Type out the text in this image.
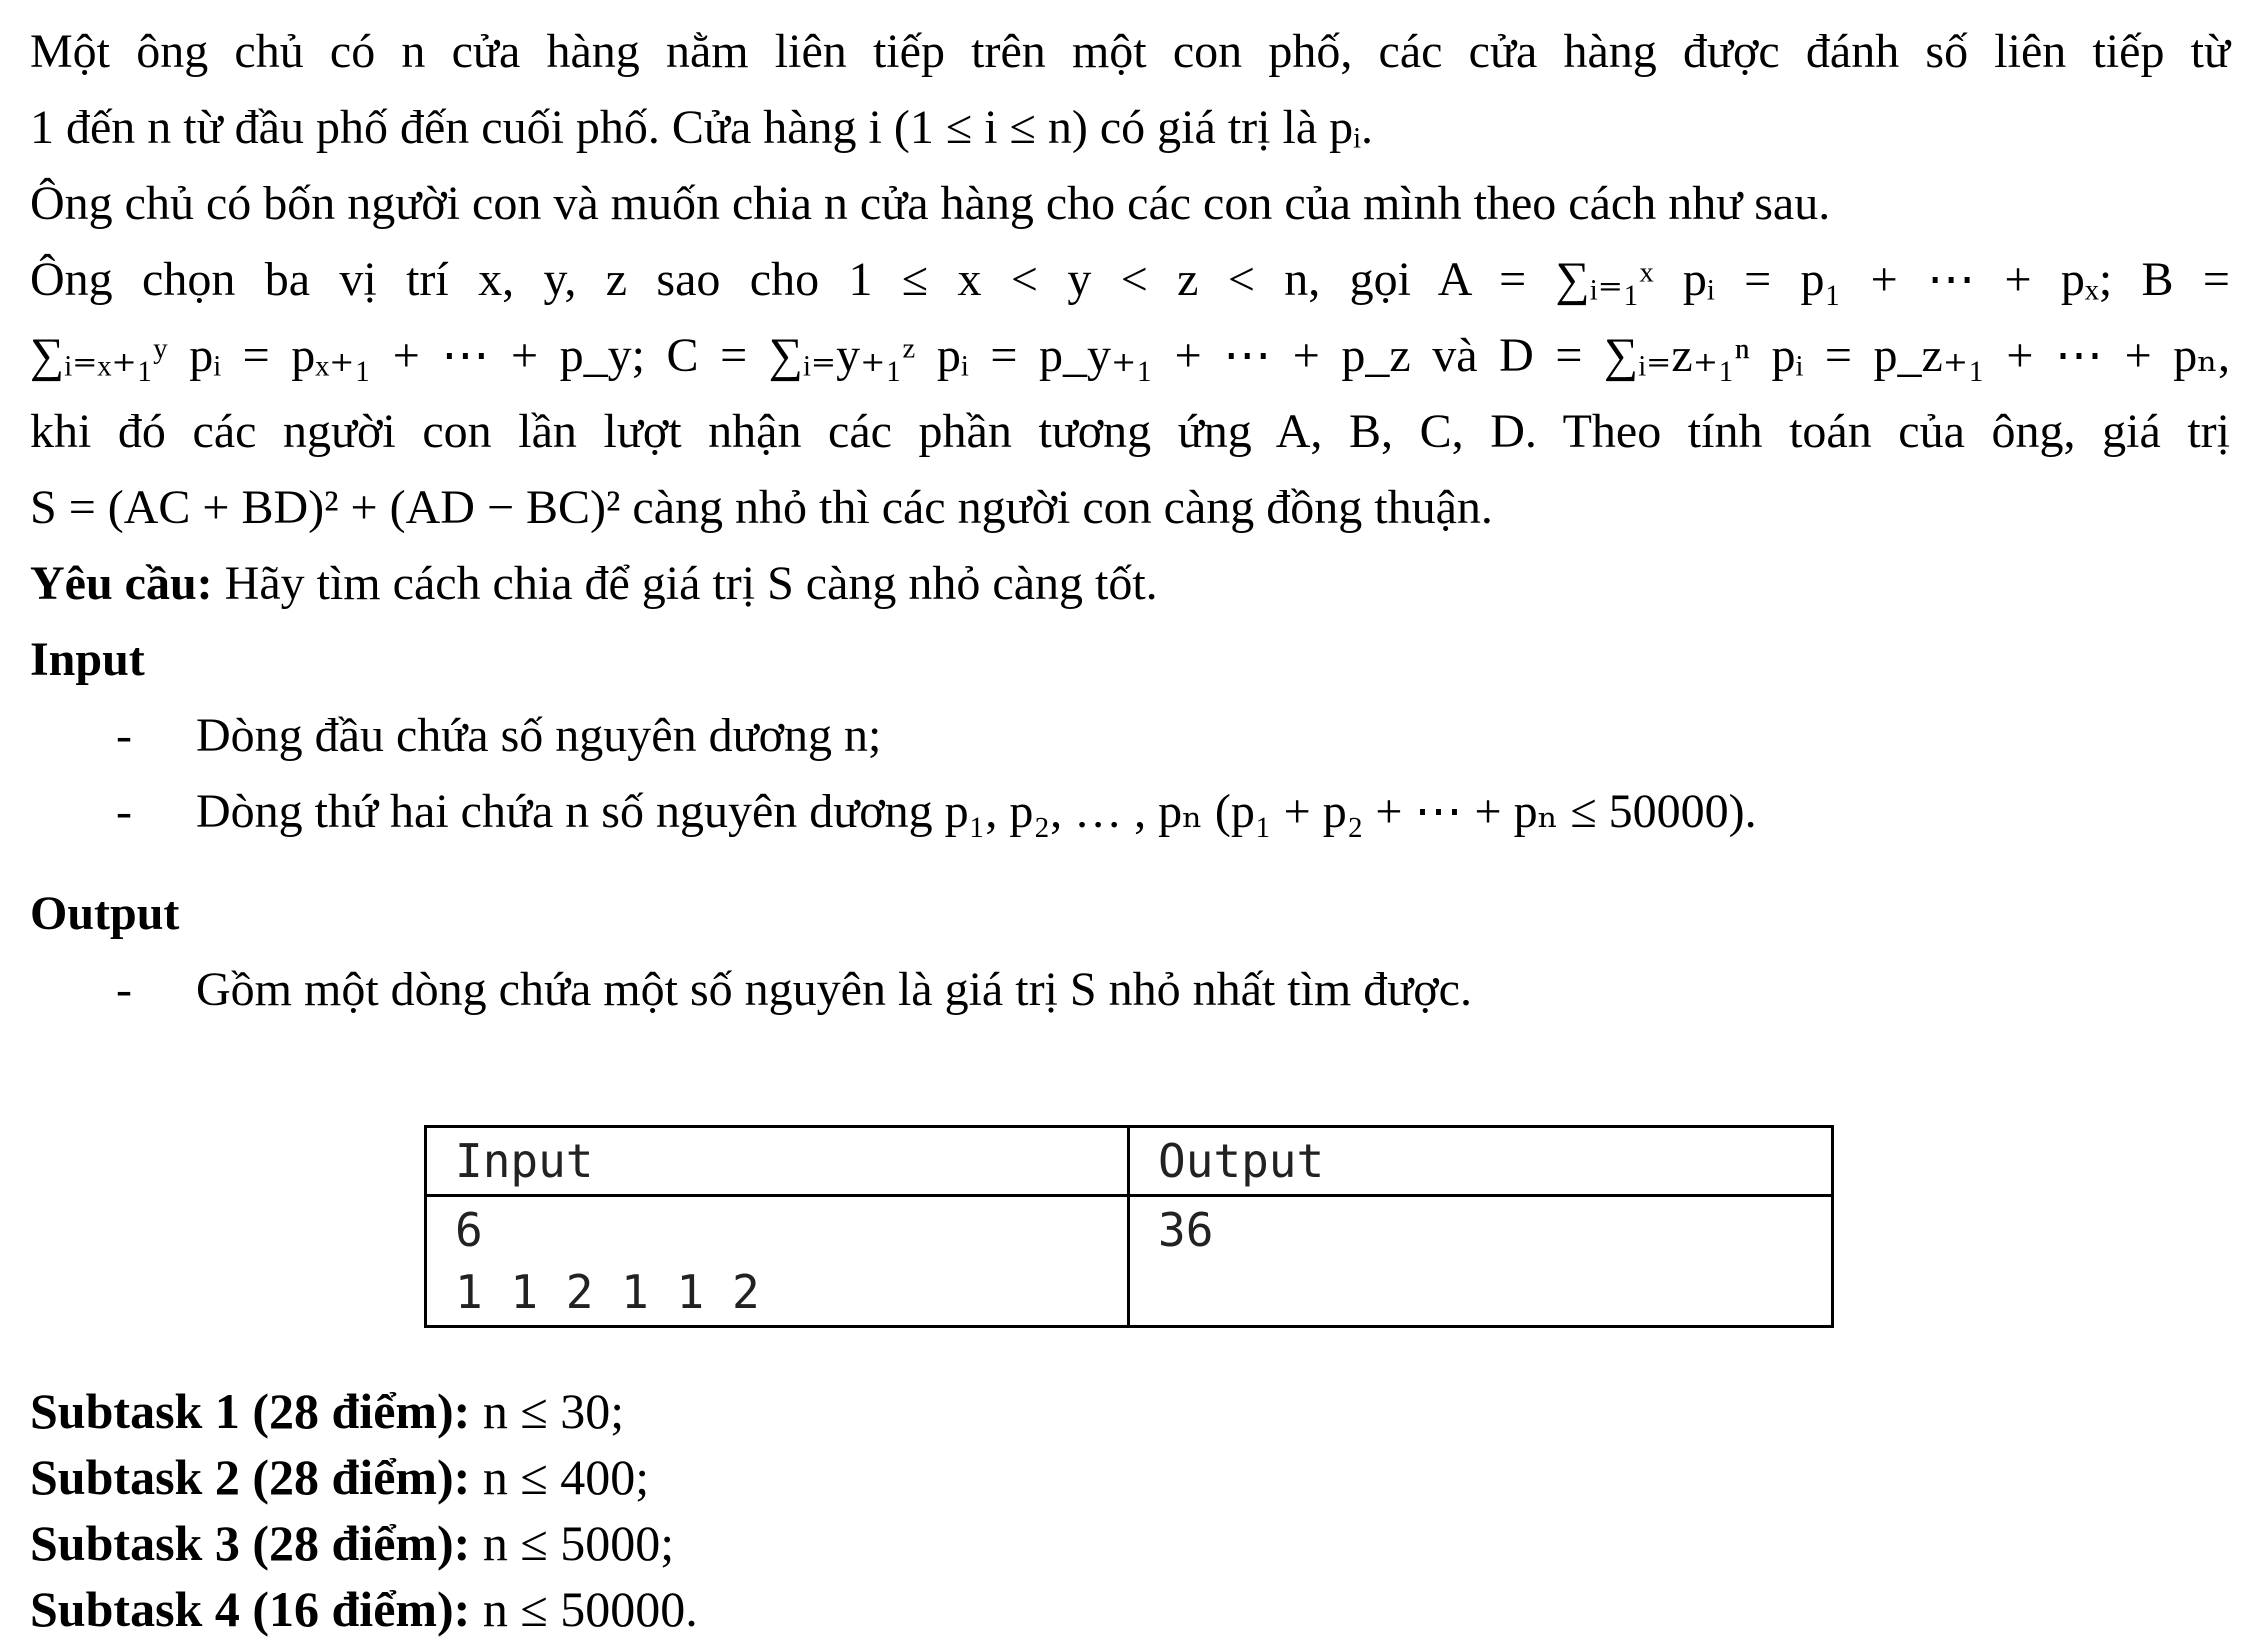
Một ông chủ có n cửa hàng nằm liên tiếp trên một con phố, các cửa hàng được đánh số liên tiếp từ

1 đến n từ đầu phố đến cuối phố. Cửa hàng i (1 ≤ i ≤ n) có giá trị là pᵢ.

Ông chủ có bốn người con và muốn chia n cửa hàng cho các con của mình theo cách như sau.

Ông chọn ba vị trí x, y, z sao cho 1 ≤ x < y < z < n, gọi A = ∑ᵢ₌₁ˣ pᵢ = p₁ + ⋯ + pₓ; B =

∑ᵢ₌ₓ₊₁ʸ pᵢ = pₓ₊₁ + ⋯ + p_y; C = ∑ᵢ₌y₊₁ᶻ pᵢ = p_y₊₁ + ⋯ + p_z và D = ∑ᵢ₌z₊₁ⁿ pᵢ = p_z₊₁ + ⋯ + pₙ,

khi đó các người con lần lượt nhận các phần tương ứng A, B, C, D. Theo tính toán của ông, giá trị

S = (AC + BD)² + (AD − BC)² càng nhỏ thì các người con càng đồng thuận.

Yêu cầu: Hãy tìm cách chia để giá trị S càng nhỏ càng tốt.

Input

- Dòng đầu chứa số nguyên dương n;

- Dòng thứ hai chứa n số nguyên dương p₁, p₂, … , pₙ (p₁ + p₂ + ⋯ + pₙ ≤ 50000).

Output

- Gồm một dòng chứa một số nguyên là giá trị S nhỏ nhất tìm được.

Input	Output

6
1 1 2 1 1 2	36
Subtask 1 (28 điểm): n ≤ 30;
Subtask 2 (28 điểm): n ≤ 400;
Subtask 3 (28 điểm): n ≤ 5000;
Subtask 4 (16 điểm): n ≤ 50000.
